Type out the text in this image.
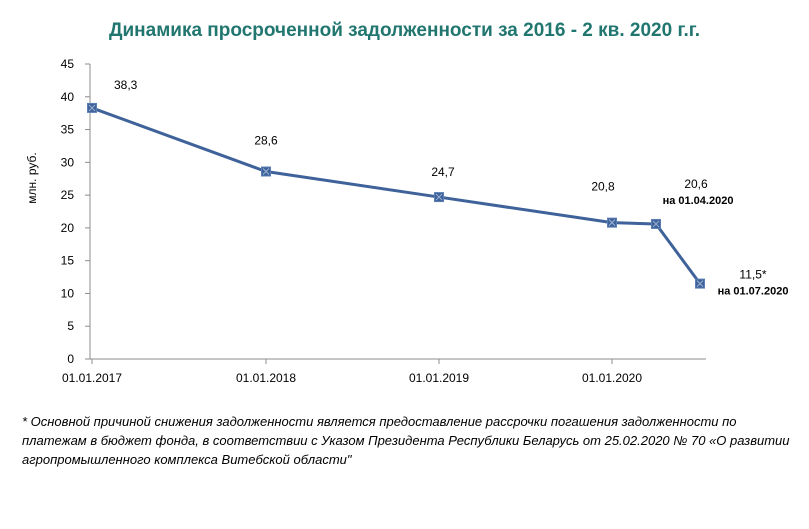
Динамика просроченной задолженности за 2016 - 2 кв. 2020 г.г.
млн. руб.
0
5
10
15
20
25
30
35
40
45
01.01.2017	01.01.2018	01.01.2019	01.01.2020
38,3
28,6
24,7
20,8	20,6
на 01.04.2020
11,5*
на 01.07.2020
* Основной причиной снижения задолженности является предоставление рассрочки погашения задолженности по платежам в бюджет фонда, в соответствии с Указом Президента Республики Беларусь от 25.02.2020 № 70 «О развитии агропромышленного комплекса Витебской области"
